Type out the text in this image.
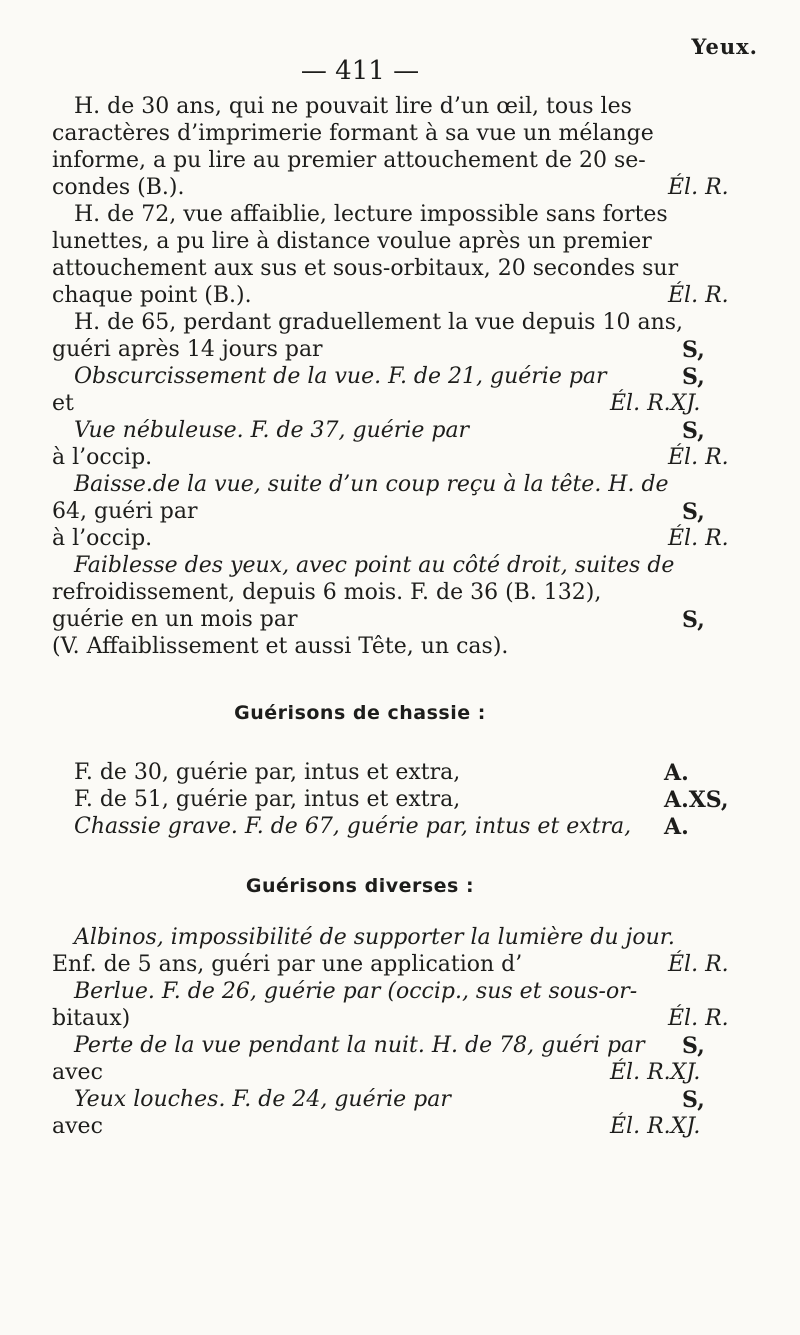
Yeux.
— 411 —
H. de 30 ans, qui ne pouvait lire d’un œil, tous les
caractères d’imprimerie formant à sa vue un mélange
informe, a pu lire au premier attouchement de 20 se-
condes (B.).	Él. R.
H. de 72, vue affaiblie, lecture impossible sans fortes
lunettes, a pu lire à distance voulue après un premier
attouchement aux sus et sous-orbitaux, 20 secondes sur
chaque point (B.).	Él. R.
H. de 65, perdant graduellement la vue depuis 10 ans,
guéri après 14 jours par	S,
Obscurcissement de la vue. F. de 21, guérie par	S,
et	Él. R.XJ.
Vue nébuleuse. F. de 37, guérie par	S,
à l’occip.	Él. R.
Baisse.de la vue, suite d’un coup reçu à la tête. H. de
64, guéri par	S,
à l’occip.	Él. R.
Faiblesse des yeux, avec point au côté droit, suites de
refroidissement, depuis 6 mois. F. de 36 (B. 132),
guérie en un mois par	S,
(V. Affaiblissement et aussi Tête, un cas).
Guérisons de chassie :
F. de 30, guérie par, intus et extra,	A.
F. de 51, guérie par, intus et extra,	A.XS,
Chassie grave. F. de 67, guérie par, intus et extra, A.
Guérisons diverses :
Albinos, impossibilité de supporter la lumière du jour.
Enf. de 5 ans, guéri par une application d’	Él. R.
Berlue. F. de 26, guérie par (occip., sus et sous-or-
bitaux)	Él. R.
Perte de la vue pendant la nuit. H. de 78, guéri par S,
avec	Él. R.XJ.
Yeux louches. F. de 24, guérie par	S,
avec	Él. R.XJ.
